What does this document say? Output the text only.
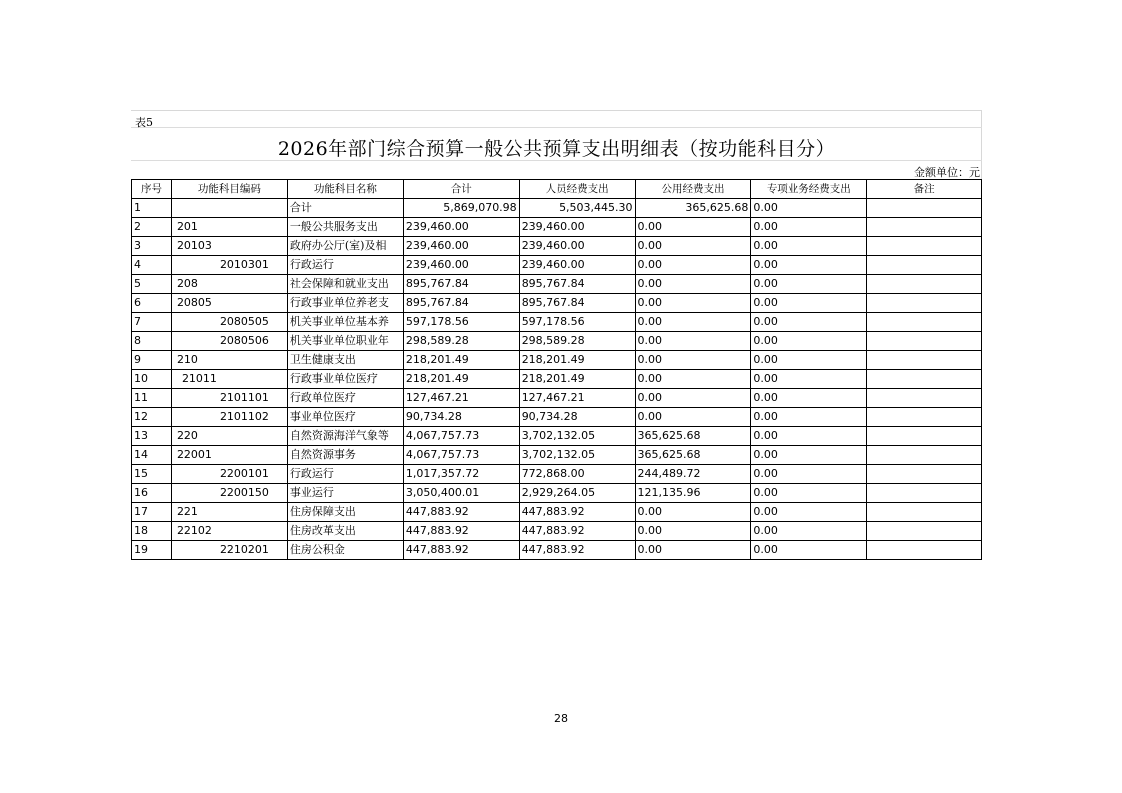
表5
2026年部门综合预算一般公共预算支出明细表（按功能科目分）
金额单位：元
序号	功能科目编码	功能科目名称	合计	人员经费支出	公用经费支出	专项业务经费支出	备注
1		合计	5,869,070.98	5,503,445.30	365,625.68	0.00	
2	201	一般公共服务支出	239,460.00	239,460.00	0.00	0.00	
3	20103	政府办公厅(室)及相	239,460.00	239,460.00	0.00	0.00	
4	2010301	行政运行	239,460.00	239,460.00	0.00	0.00	
5	208	社会保障和就业支出	895,767.84	895,767.84	0.00	0.00	
6	20805	行政事业单位养老支	895,767.84	895,767.84	0.00	0.00	
7	2080505	机关事业单位基本养	597,178.56	597,178.56	0.00	0.00	
8	2080506	机关事业单位职业年	298,589.28	298,589.28	0.00	0.00	
9	210	卫生健康支出	218,201.49	218,201.49	0.00	0.00	
10	21011	行政事业单位医疗	218,201.49	218,201.49	0.00	0.00	
11	2101101	行政单位医疗	127,467.21	127,467.21	0.00	0.00	
12	2101102	事业单位医疗	90,734.28	90,734.28	0.00	0.00	
13	220	自然资源海洋气象等	4,067,757.73	3,702,132.05	365,625.68	0.00	
14	22001	自然资源事务	4,067,757.73	3,702,132.05	365,625.68	0.00	
15	2200101	行政运行	1,017,357.72	772,868.00	244,489.72	0.00	
16	2200150	事业运行	3,050,400.01	2,929,264.05	121,135.96	0.00	
17	221	住房保障支出	447,883.92	447,883.92	0.00	0.00	
18	22102	住房改革支出	447,883.92	447,883.92	0.00	0.00	
19	2210201	住房公积金	447,883.92	447,883.92	0.00	0.00	
28
